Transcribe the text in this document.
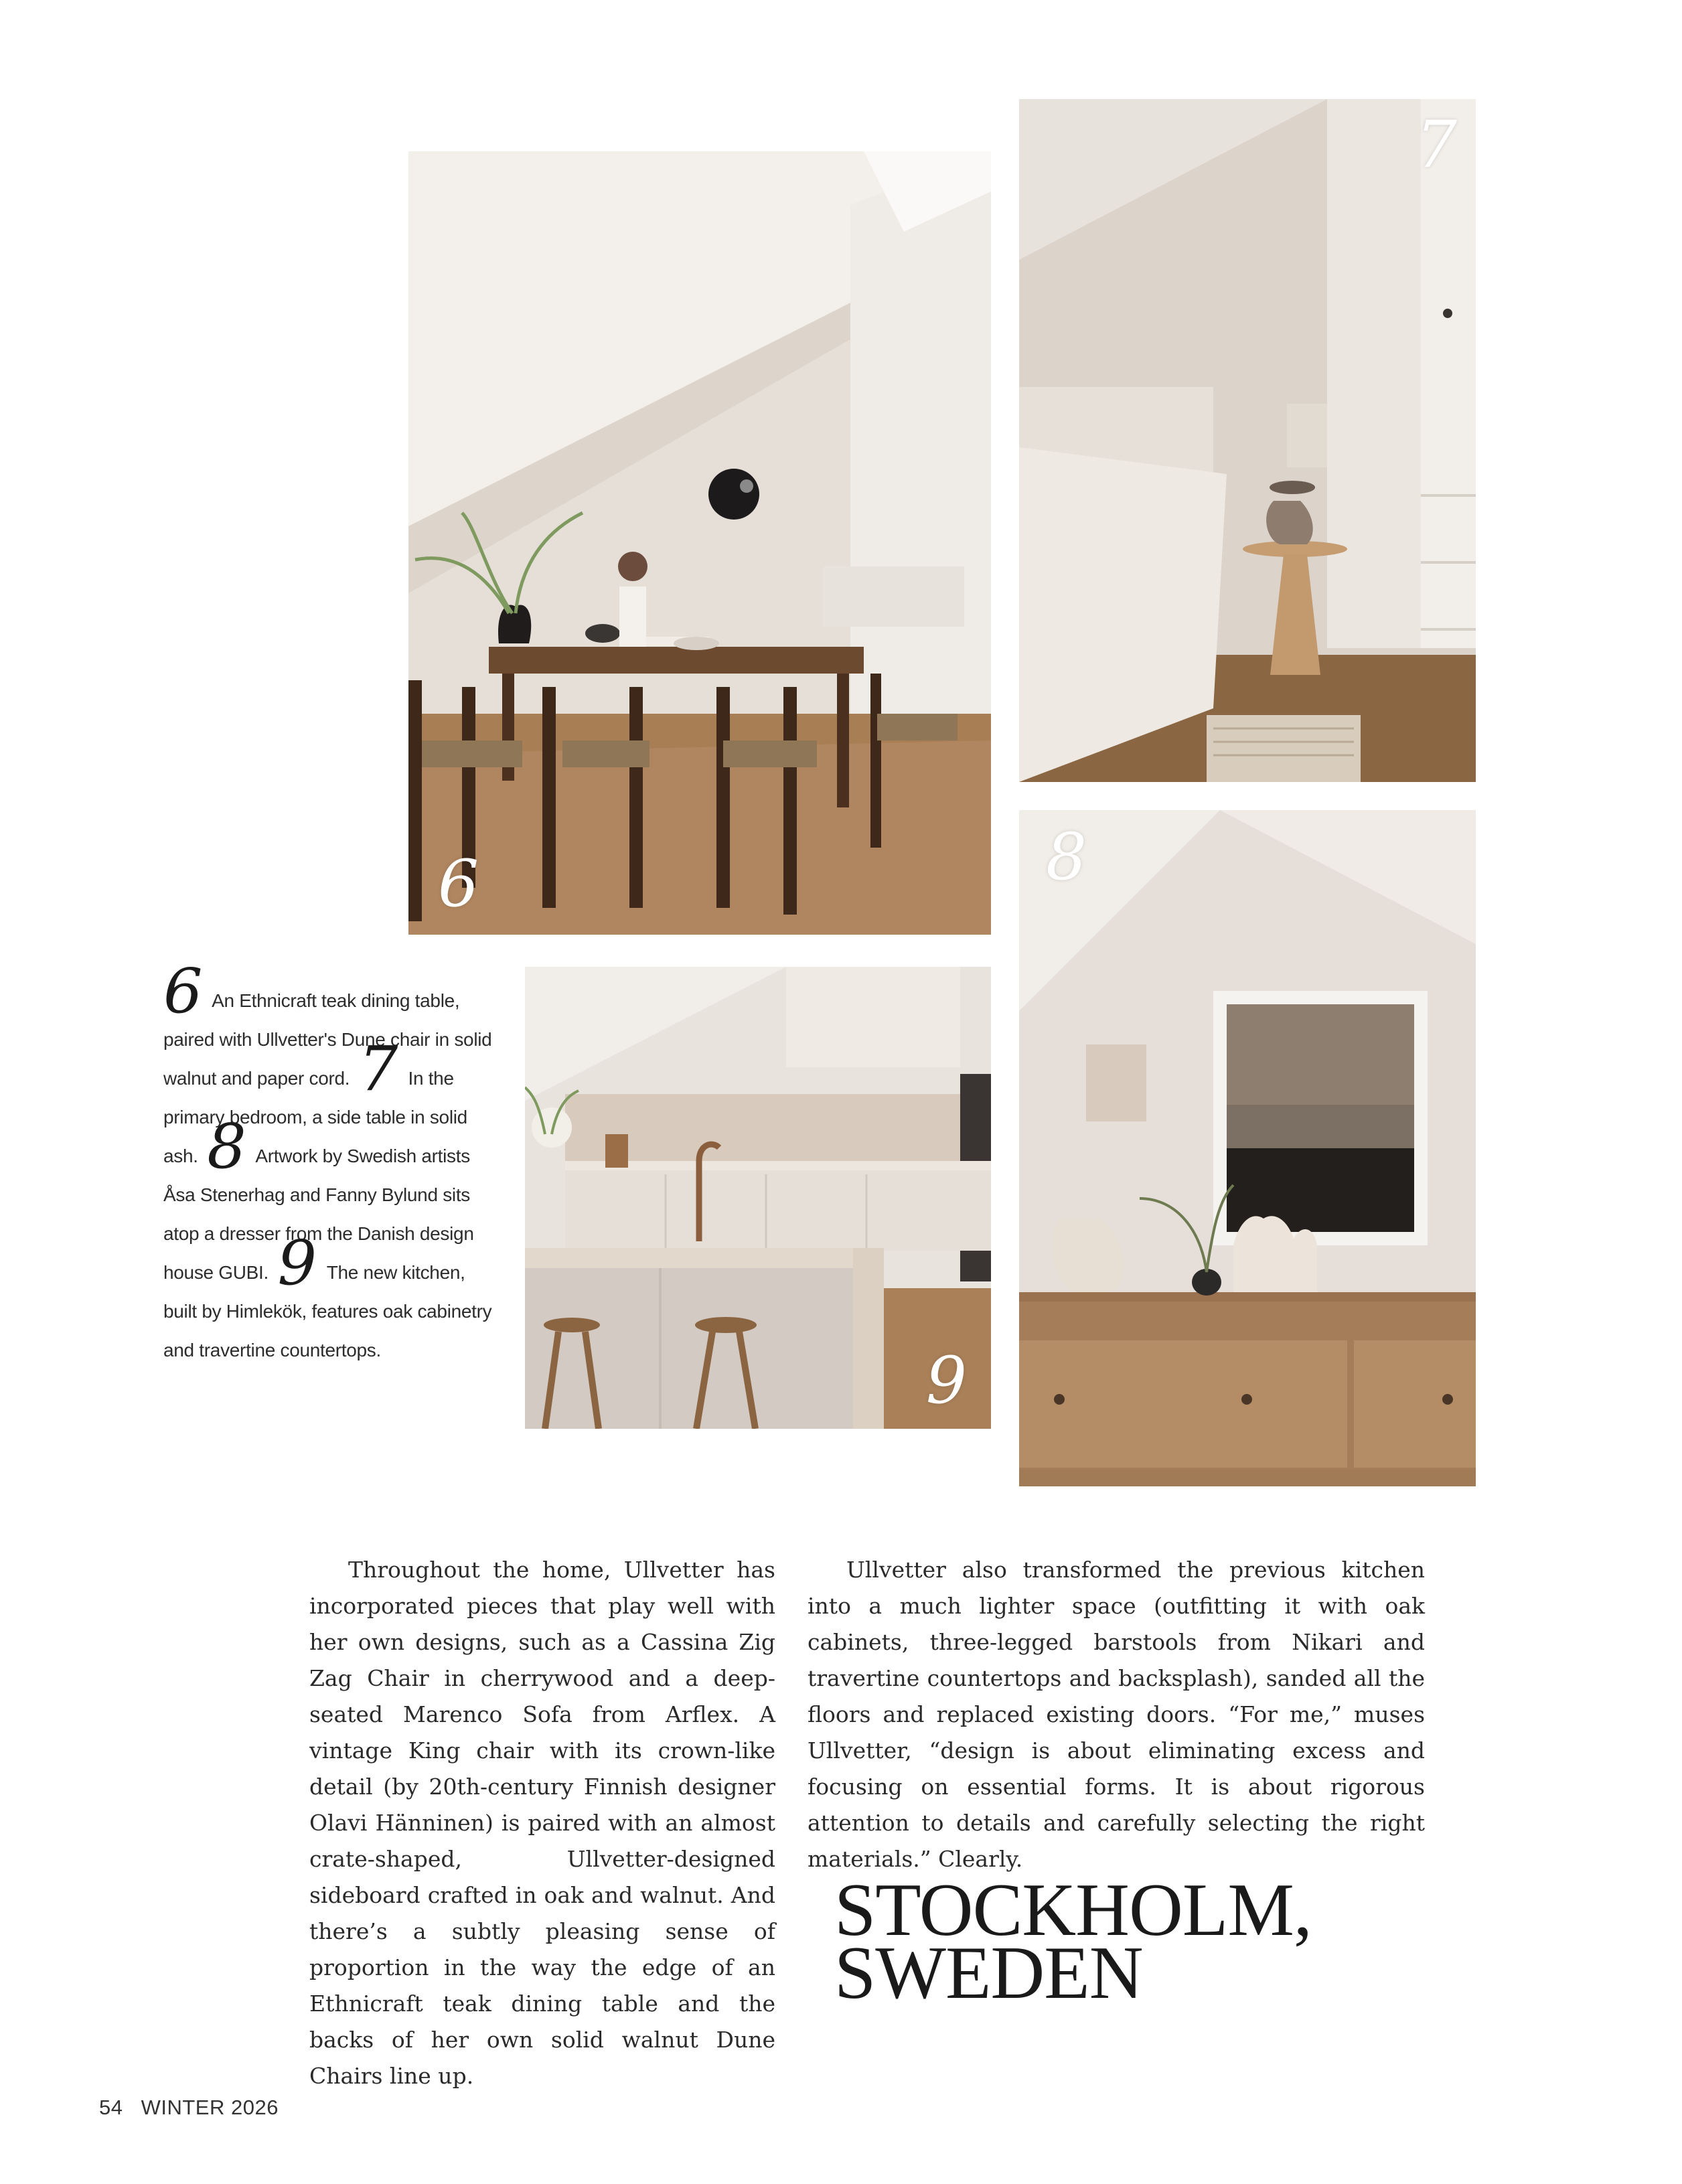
6
7
8
9
6 An Ethnicraft teak dining table, paired with Ullvetter's Dune chair in solid walnut and paper cord. 7 In the primary bedroom, a side table in solid ash. 8 Artwork by Swedish artists Åsa Stenerhag and Fanny Bylund sits atop a dresser from the Danish design house GUBI. 9 The new kitchen, built by Himlekök, features oak cabinetry and travertine countertops.

Throughout the home, Ullvetter has incorporated pieces that play well with her own designs, such as a Cassina Zig Zag Chair in cherrywood and a deep-seated Marenco Sofa from Arflex. A vintage King chair with its crown-like detail (by 20th-century Finnish designer Olavi Hänninen) is paired with an almost crate-shaped, Ullvetter-designed sideboard crafted in oak and walnut. And there’s a subtly pleasing sense of proportion in the way the edge of an Ethnicraft teak dining table and the backs of her own solid walnut Dune Chairs line up.

Ullvetter also transformed the previous kitchen into a much lighter space (outfitting it with oak cabinets, three-legged barstools from Nikari and travertine countertops and backsplash), sanded all the floors and replaced existing doors. “For me,” muses Ullvetter, “design is about eliminating excess and focusing on essential forms. It is about rigorous attention to details and carefully selecting the right materials.” Clearly.

STOCKHOLM,
SWEDEN
54 WINTER 2026
